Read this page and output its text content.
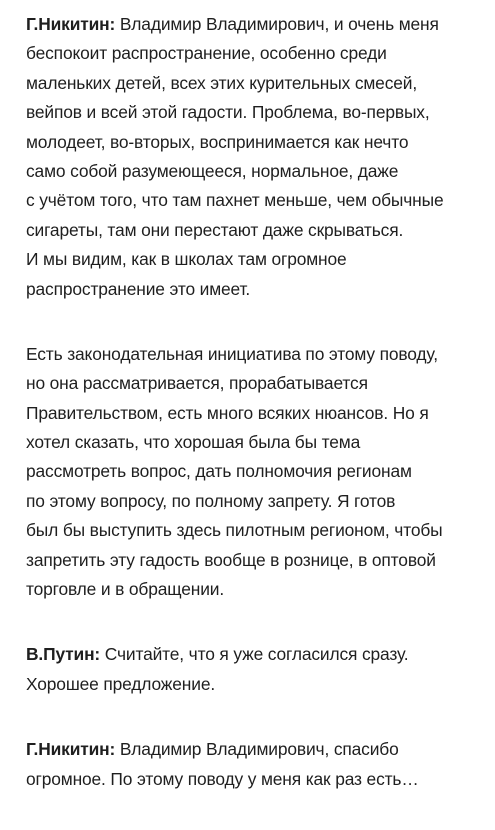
Г.Никитин: Владимир Владимирович, и очень меня
беспокоит распространение, особенно среди
маленьких детей, всех этих курительных смесей,
вейпов и всей этой гадости. Проблема, во-первых,
молодеет, во-вторых, воспринимается как нечто
само собой разумеющееся, нормальное, даже
с учётом того, что там пахнет меньше, чем обычные
сигареты, там они перестают даже скрываться.
И мы видим, как в школах там огромное
распространение это имеет.

Есть законодательная инициатива по этому поводу,
но она рассматривается, прорабатывается
Правительством, есть много всяких нюансов. Но я
хотел сказать, что хорошая была бы тема
рассмотреть вопрос, дать полномочия регионам
по этому вопросу, по полному запрету. Я готов
был бы выступить здесь пилотным регионом, чтобы
запретить эту гадость вообще в рознице, в оптовой
торговле и в обращении.

В.Путин: Считайте, что я уже согласился сразу.
Хорошее предложение.

Г.Никитин: Владимир Владимирович, спасибо
огромное. По этому поводу у меня как раз есть…
